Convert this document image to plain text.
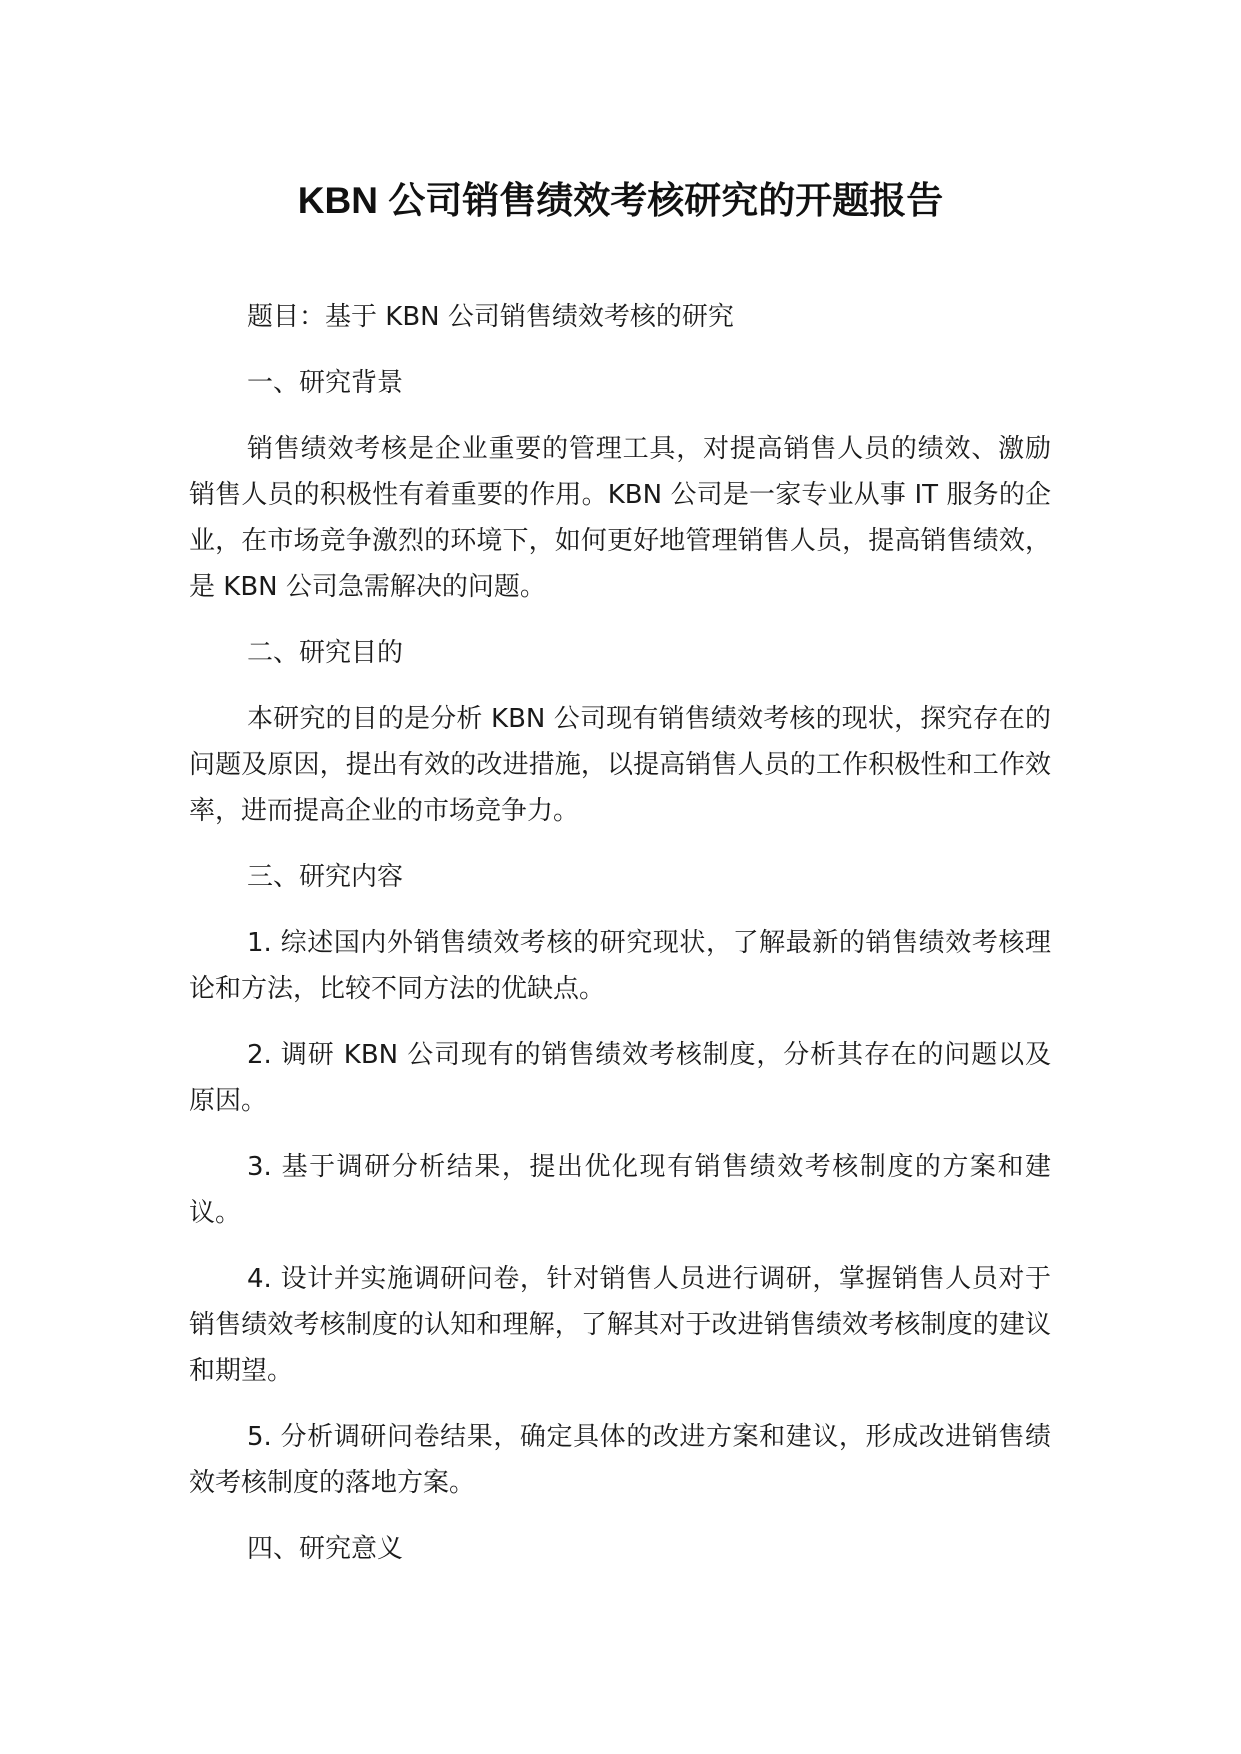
KBN 公司销售绩效考核研究的开题报告

题目：基于 KBN 公司销售绩效考核的研究

一、研究背景

销售绩效考核是企业重要的管理工具，对提高销售人员的绩效、激励销售人员的积极性有着重要的作用。KBN 公司是一家专业从事 IT 服务的企业，在市场竞争激烈的环境下，如何更好地管理销售人员，提高销售绩效，是 KBN 公司急需解决的问题。

二、研究目的

本研究的目的是分析 KBN 公司现有销售绩效考核的现状，探究存在的问题及原因，提出有效的改进措施，以提高销售人员的工作积极性和工作效率，进而提高企业的市场竞争力。

三、研究内容

1. 综述国内外销售绩效考核的研究现状，了解最新的销售绩效考核理论和方法，比较不同方法的优缺点。

2. 调研 KBN 公司现有的销售绩效考核制度，分析其存在的问题以及原因。

3. 基于调研分析结果，提出优化现有销售绩效考核制度的方案和建议。

4. 设计并实施调研问卷，针对销售人员进行调研，掌握销售人员对于销售绩效考核制度的认知和理解，了解其对于改进销售绩效考核制度的建议和期望。

5. 分析调研问卷结果，确定具体的改进方案和建议，形成改进销售绩效考核制度的落地方案。

四、研究意义
